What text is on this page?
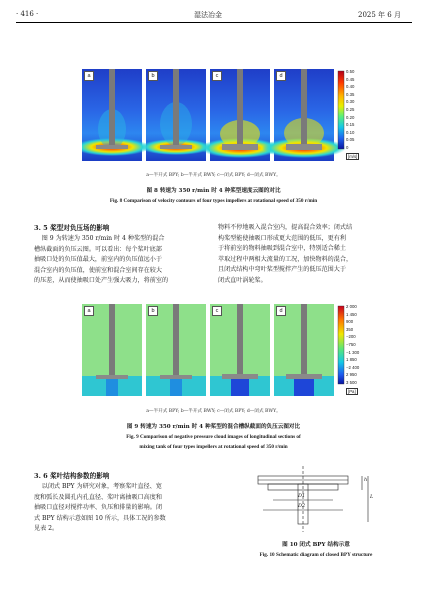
· 416 ·	湿法冶金	2025 年 6 月
a	b	c	d
0.50
0.45
0.40
0.35
0.30
0.25
0.20
0.15
0.10
0.05
0
[m/s]
a—半开式 BPY; b—半开式 BWY; c—闭式 BPY; d—闭式 BWY。
图 8 转速为 350 r/min 时 4 种桨型速度云图的对比
Fig. 8 Comparison of velocity contours of four types impellers at rotational speed of 350 r/min
3. 5 桨型对负压场的影响
图 9 为转速为 350 r/min 时 4 种桨型的混合
槽纵截面的负压云图。可以看出：每个桨叶底部
抽吸口处的负压值最大，前室内的负压值远小于
混合室内的负压值，使前室和混合室间存在较大
的压差，从而使抽吸口处产生强大吸力，将前室的
物料不停地吸入混合室内，提高混合效率；闭式结
构桨型能使抽吸口形成更大范围的低压，更有利
于将前室的物料抽吸到混合室中，特别适合稀土
萃取过程中两相大流量的工况，加快物料的混合，
且闭式结构中弯叶桨型搅拌产生的低压范围大于
闭式直叶涡轮桨。
a	b	c	d
2 000
1 450
900
350
−200
−750
−1 300
1 850
−2 400
2 950
3 500
[Pa]
a—半开式 BPY; b—半开式 BWY; c—闭式 BPY; d—闭式 BWY。
图 9 转速为 350 r/min 时 4 种桨型的混合槽纵截面的负压云图对比
Fig. 9 Comparison of negative pressure cloud images of longitudinal sections of
mixing tank of four types impellers at rotational speed of 350 r/min
3. 6 桨叶结构参数的影响
以闭式 BPY 为研究对象，考察桨叶直径、宽
度和弧长及圆孔内孔直径、桨叶离抽吸口高度和
抽吸口直径对搅拌功率、负压和排量的影响。闭
式 BPY 结构示意如图 10 所示，具体工况的参数
见表 2。
h
L
D1
D2
图 10 闭式 BPY 结构示意
Fig. 10 Schematic diagram of closed BPY structure
